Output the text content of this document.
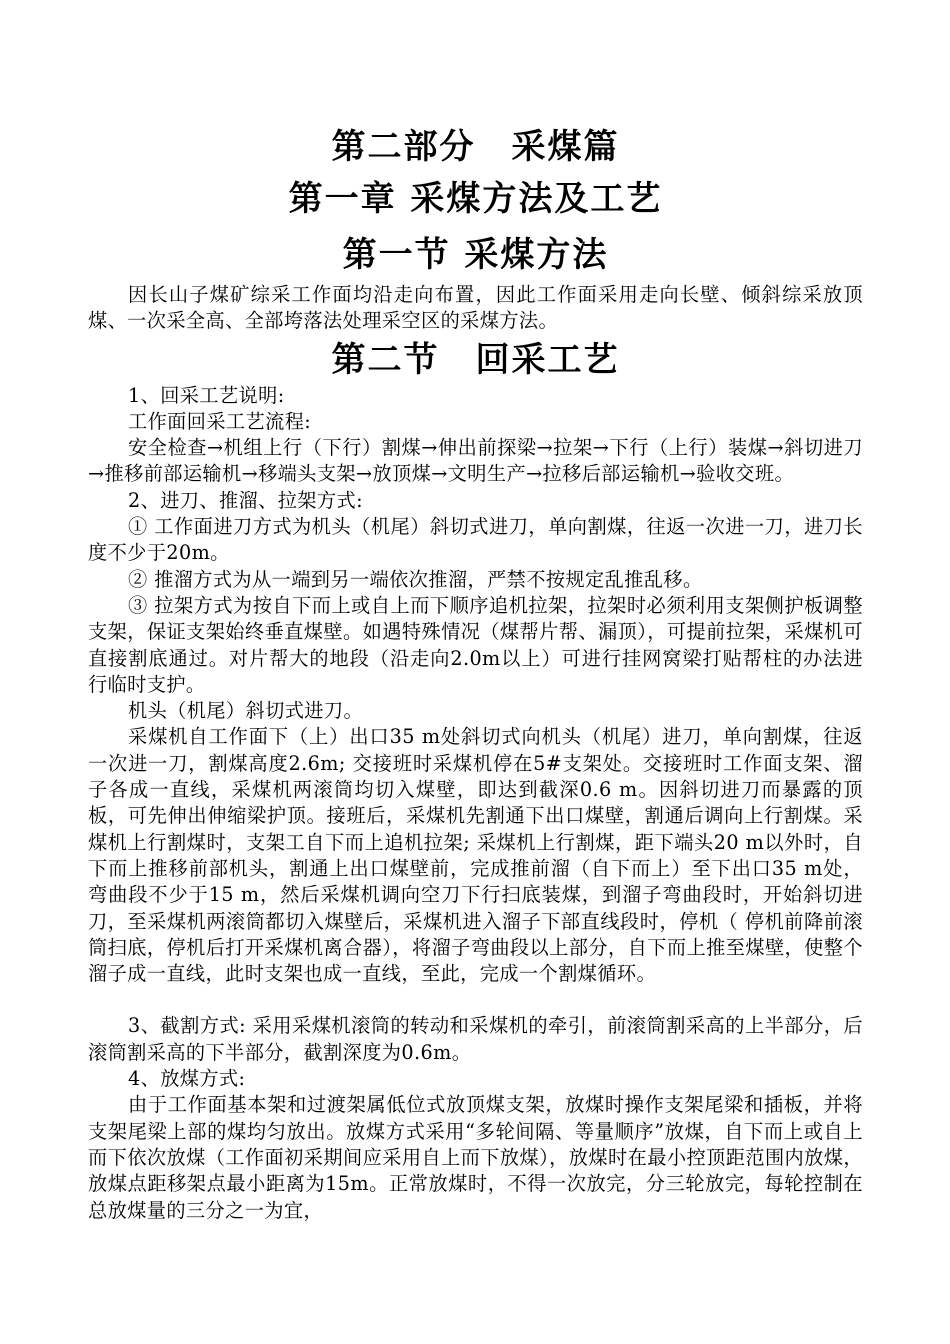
第二部分　采煤篇
第一章 采煤方法及工艺
第一节 采煤方法

因长山子煤矿综采工作面均沿走向布置，因此工作面采用走向长壁、倾斜综采放顶煤、一次采全高、全部垮落法处理采空区的采煤方法。

第二节　回采工艺

1、回采工艺说明:

工作面回采工艺流程:

安全检查→机组上行（下行）割煤→伸出前探梁→拉架→下行（上行）装煤→斜切进刀→推移前部运输机→移端头支架→放顶煤→文明生产→拉移后部运输机→验收交班。

2、进刀、推溜、拉架方式:

① 工作面进刀方式为机头（机尾）斜切式进刀，单向割煤，往返一次进一刀，进刀长度不少于20m。

② 推溜方式为从一端到另一端依次推溜，严禁不按规定乱推乱移。

③ 拉架方式为按自下而上或自上而下顺序追机拉架，拉架时必须利用支架侧护板调整支架，保证支架始终垂直煤壁。如遇特殊情况（煤帮片帮、漏顶），可提前拉架，采煤机可直接割底通过。对片帮大的地段（沿走向2.0m以上）可进行挂网窝梁打贴帮柱的办法进行临时支护。

机头（机尾）斜切式进刀。

采煤机自工作面下（上）出口35 m处斜切式向机头（机尾）进刀，单向割煤，往返一次进一刀，割煤高度2.6m; 交接班时采煤机停在5#支架处。交接班时工作面支架、溜子各成一直线，采煤机两滚筒均切入煤壁，即达到截深0.6 m。因斜切进刀而暴露的顶板，可先伸出伸缩梁护顶。接班后，采煤机先割通下出口煤壁，割通后调向上行割煤。采煤机上行割煤时，支架工自下而上追机拉架; 采煤机上行割煤，距下端头20 m以外时，自下而上推移前部机头，割通上出口煤壁前，完成推前溜（自下而上）至下出口35 m处，弯曲段不少于15 m，然后采煤机调向空刀下行扫底装煤，到溜子弯曲段时，开始斜切进刀，至采煤机两滚筒都切入煤壁后，采煤机进入溜子下部直线段时，停机（ 停机前降前滚筒扫底，停机后打开采煤机离合器），将溜子弯曲段以上部分，自下而上推至煤壁，使整个溜子成一直线，此时支架也成一直线，至此，完成一个割煤循环。

3、截割方式: 采用采煤机滚筒的转动和采煤机的牵引，前滚筒割采高的上半部分，后滚筒割采高的下半部分，截割深度为0.6m。

4、放煤方式:

由于工作面基本架和过渡架属低位式放顶煤支架，放煤时操作支架尾梁和插板，并将支架尾梁上部的煤均匀放出。放煤方式采用“多轮间隔、等量顺序”放煤，自下而上或自上而下依次放煤（工作面初采期间应采用自上而下放煤），放煤时在最小控顶距范围内放煤，放煤点距移架点最小距离为15m。正常放煤时，不得一次放完，分三轮放完，每轮控制在总放煤量的三分之一为宜，
